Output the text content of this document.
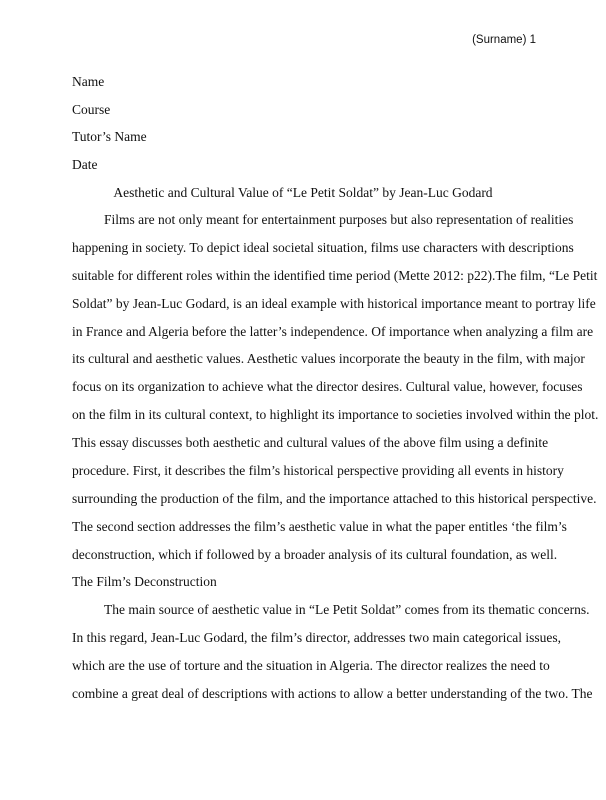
(Surname) 1
Name
Course
Tutor’s Name
Date
Aesthetic and Cultural Value of “Le Petit Soldat” by Jean-Luc Godard
Films are not only meant for entertainment purposes but also representation of realities
happening in society. To depict ideal societal situation, films use characters with descriptions
suitable for different roles within the identified time period (Mette 2012: p22).The film, “Le Petit
Soldat” by Jean-Luc Godard, is an ideal example with historical importance meant to portray life
in France and Algeria before the latter’s independence. Of importance when analyzing a film are
its cultural and aesthetic values. Aesthetic values incorporate the beauty in the film, with major
focus on its organization to achieve what the director desires. Cultural value, however, focuses
on the film in its cultural context, to highlight its importance to societies involved within the plot.
This essay discusses both aesthetic and cultural values of the above film using a definite
procedure. First, it describes the film’s historical perspective providing all events in history
surrounding the production of the film, and the importance attached to this historical perspective.
The second section addresses the film’s aesthetic value in what the paper entitles ‘the film’s
deconstruction, which if followed by a broader analysis of its cultural foundation, as well.
The Film’s Deconstruction
The main source of aesthetic value in “Le Petit Soldat” comes from its thematic concerns.
In this regard, Jean-Luc Godard, the film’s director, addresses two main categorical issues,
which are the use of torture and the situation in Algeria. The director realizes the need to
combine a great deal of descriptions with actions to allow a better understanding of the two. The
